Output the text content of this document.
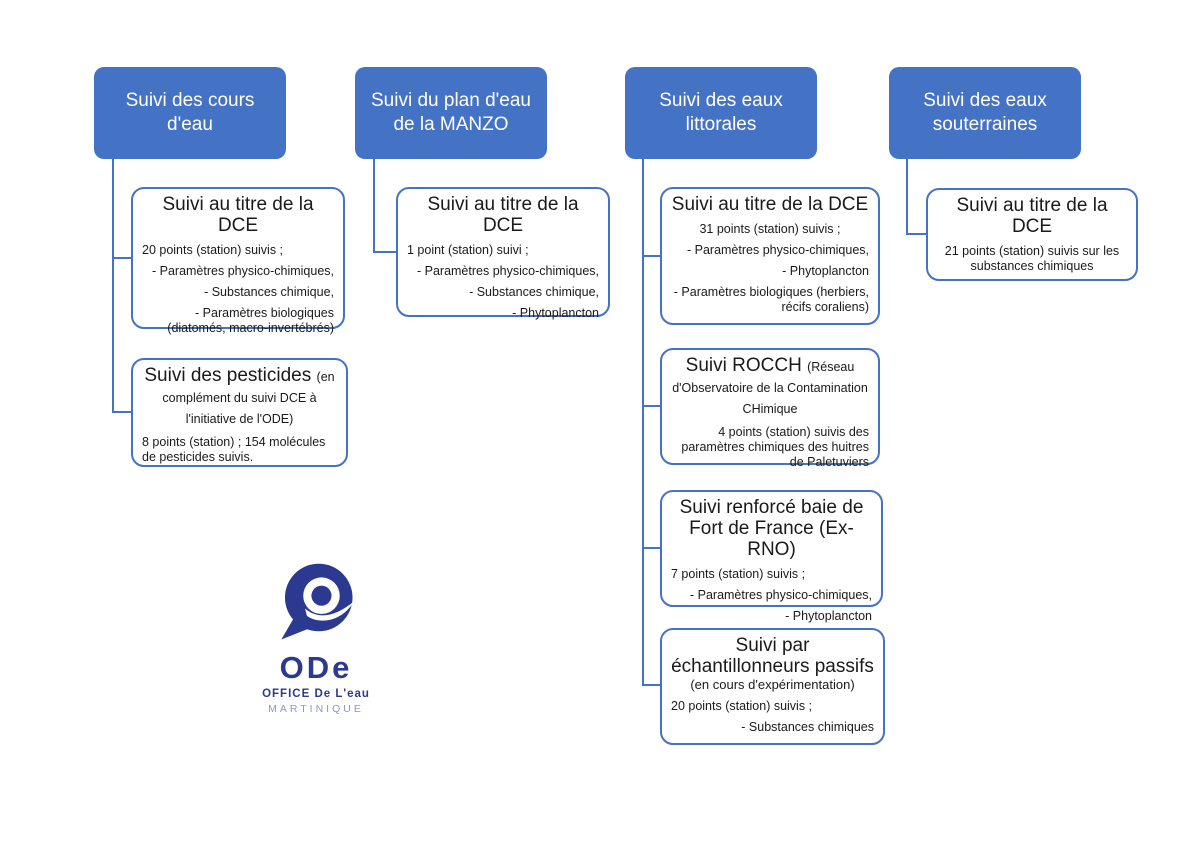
Suivi des cours d'eau
Suivi du plan d'eau de la MANZO
Suivi des eaux littorales
Suivi des eaux souterraines
Suivi au titre de la DCE
20 points (station) suivis ;
- Paramètres physico-chimiques,
- Substances chimique,
- Paramètres biologiques (diatomés, macro-invertébrés)
Suivi des pesticides (en complément du suivi DCE à l'initiative de l'ODE)
8 points (station) ; 154 molécules de pesticides suivis.
Suivi au titre de la DCE
1 point (station) suivi ;
- Paramètres physico-chimiques,
- Substances chimique,
- Phytoplancton
Suivi au titre de la DCE
31 points (station) suivis ;
- Paramètres physico-chimiques,
- Phytoplancton
- Paramètres biologiques (herbiers, récifs coraliens)
Suivi ROCCH (Réseau d'Observatoire de la Contamination CHimique
4 points (station) suivis des paramètres chimiques des huitres de Paletuviers
Suivi renforcé baie de Fort de France (Ex-RNO)
7 points (station) suivis ;
- Paramètres physico-chimiques,
- Phytoplancton
Suivi par échantillonneurs passifs
(en cours d'expérimentation)
20 points (station) suivis ;
- Substances chimiques
Suivi au titre de la DCE
21 points (station) suivis sur les substances chimiques
ODe
OFFICE De L'eau
MARTINIQUE
